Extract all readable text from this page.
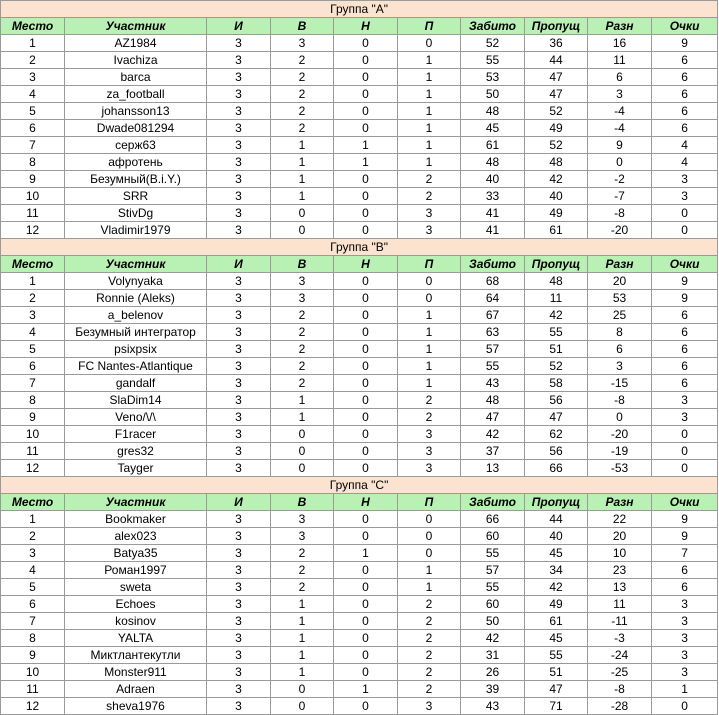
Группа "A"									
Место	Участник	И	В	Н	П	Забито	Пропущ	Разн	Очки
1	AZ1984	3	3	0	0	52	36	16	9
2	Ivachiza	3	2	0	1	55	44	11	6
3	barca	3	2	0	1	53	47	6	6
4	za_football	3	2	0	1	50	47	3	6
5	johansson13	3	2	0	1	48	52	-4	6
6	Dwade081294	3	2	0	1	45	49	-4	6
7	серж63	3	1	1	1	61	52	9	4
8	афротень	3	1	1	1	48	48	0	4
9	Безумный(B.i.Y.)	3	1	0	2	40	42	-2	3
10	SRR	3	1	0	2	33	40	-7	3
11	StivDg	3	0	0	3	41	49	-8	0
12	Vladimir1979	3	0	0	3	41	61	-20	0
Группа "B"									
Место	Участник	И	В	Н	П	Забито	Пропущ	Разн	Очки
1	Volynyaka	3	3	0	0	68	48	20	9
2	Ronnie (Aleks)	3	3	0	0	64	11	53	9
3	a_belenov	3	2	0	1	67	42	25	6
4	Безумный интегратор	3	2	0	1	63	55	8	6
5	psixpsix	3	2	0	1	57	51	6	6
6	FC Nantes-Atlantique	3	2	0	1	55	52	3	6
7	gandalf	3	2	0	1	43	58	-15	6
8	SlaDim14	3	1	0	2	48	56	-8	3
9	Veno/\/\	3	1	0	2	47	47	0	3
10	F1racer	3	0	0	3	42	62	-20	0
11	gres32	3	0	0	3	37	56	-19	0
12	Tayger	3	0	0	3	13	66	-53	0
Группа "C"									
Место	Участник	И	В	Н	П	Забито	Пропущ	Разн	Очки
1	Bookmaker	3	3	0	0	66	44	22	9
2	alex023	3	3	0	0	60	40	20	9
3	Batya35	3	2	1	0	55	45	10	7
4	Роман1997	3	2	0	1	57	34	23	6
5	sweta	3	2	0	1	55	42	13	6
6	Echoes	3	1	0	2	60	49	11	3
7	kosinov	3	1	0	2	50	61	-11	3
8	YALTA	3	1	0	2	42	45	-3	3
9	Миктлантекутли	3	1	0	2	31	55	-24	3
10	Monster911	3	1	0	2	26	51	-25	3
11	Adraen	3	0	1	2	39	47	-8	1
12	sheva1976	3	0	0	3	43	71	-28	0
